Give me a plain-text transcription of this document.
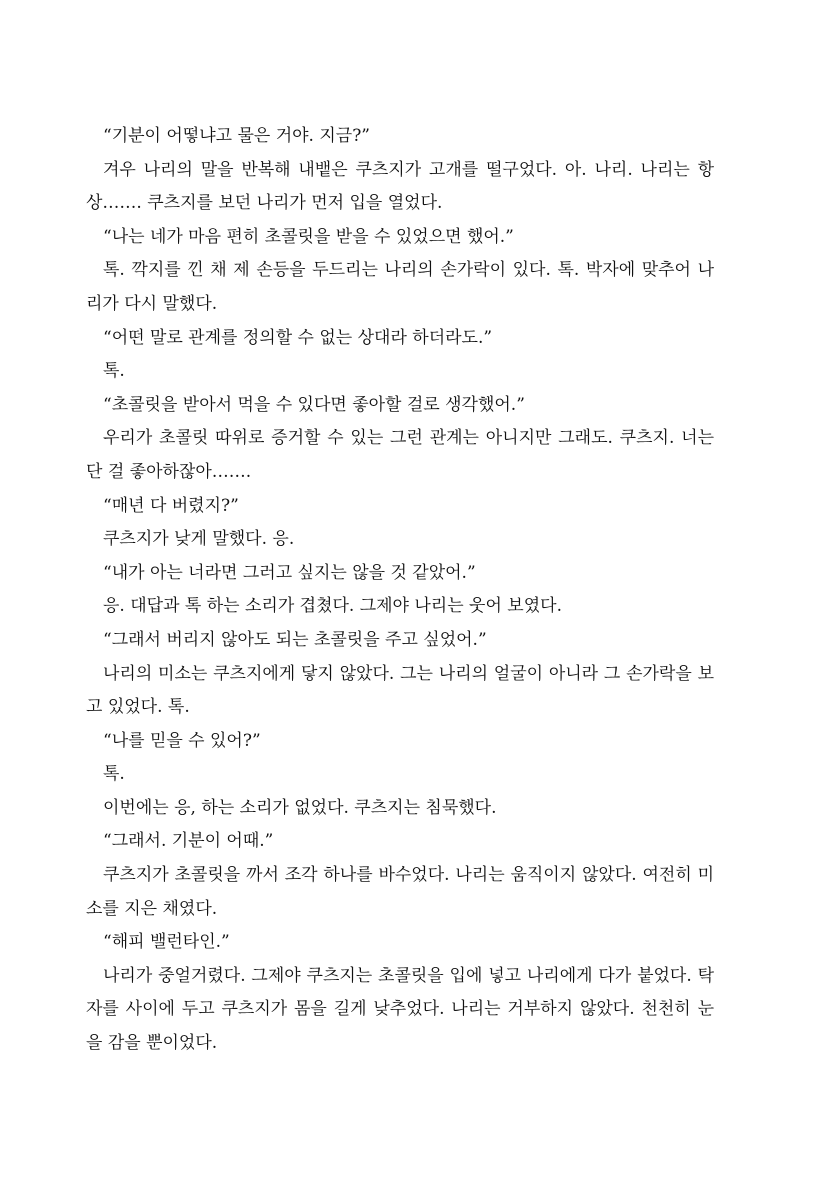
“기분이 어떻냐고 물은 거야. 지금?”

겨우 나리의 말을 반복해 내뱉은 쿠츠지가 고개를 떨구었다. 아. 나리. 나리는 항상……. 쿠츠지를 보던 나리가 먼저 입을 열었다.

“나는 네가 마음 편히 초콜릿을 받을 수 있었으면 했어.”

톡. 깍지를 낀 채 제 손등을 두드리는 나리의 손가락이 있다. 톡. 박자에 맞추어 나리가 다시 말했다.

“어떤 말로 관계를 정의할 수 없는 상대라 하더라도.”

톡.

“초콜릿을 받아서 먹을 수 있다면 좋아할 걸로 생각했어.”

우리가 초콜릿 따위로 증거할 수 있는 그런 관계는 아니지만 그래도. 쿠츠지. 너는 단 걸 좋아하잖아…….

“매년 다 버렸지?”

쿠츠지가 낮게 말했다. 응.

“내가 아는 너라면 그러고 싶지는 않을 것 같았어.”

응. 대답과 톡 하는 소리가 겹쳤다. 그제야 나리는 웃어 보였다.

“그래서 버리지 않아도 되는 초콜릿을 주고 싶었어.”

나리의 미소는 쿠츠지에게 닿지 않았다. 그는 나리의 얼굴이 아니라 그 손가락을 보고 있었다. 톡.

“나를 믿을 수 있어?”

톡.

이번에는 응, 하는 소리가 없었다. 쿠츠지는 침묵했다.

“그래서. 기분이 어때.”

쿠츠지가 초콜릿을 까서 조각 하나를 바수었다. 나리는 움직이지 않았다. 여전히 미소를 지은 채였다.

“해피 밸런타인.”

나리가 중얼거렸다. 그제야 쿠츠지는 초콜릿을 입에 넣고 나리에게 다가 붙었다. 탁자를 사이에 두고 쿠츠지가 몸을 길게 낮추었다. 나리는 거부하지 않았다. 천천히 눈을 감을 뿐이었다.
